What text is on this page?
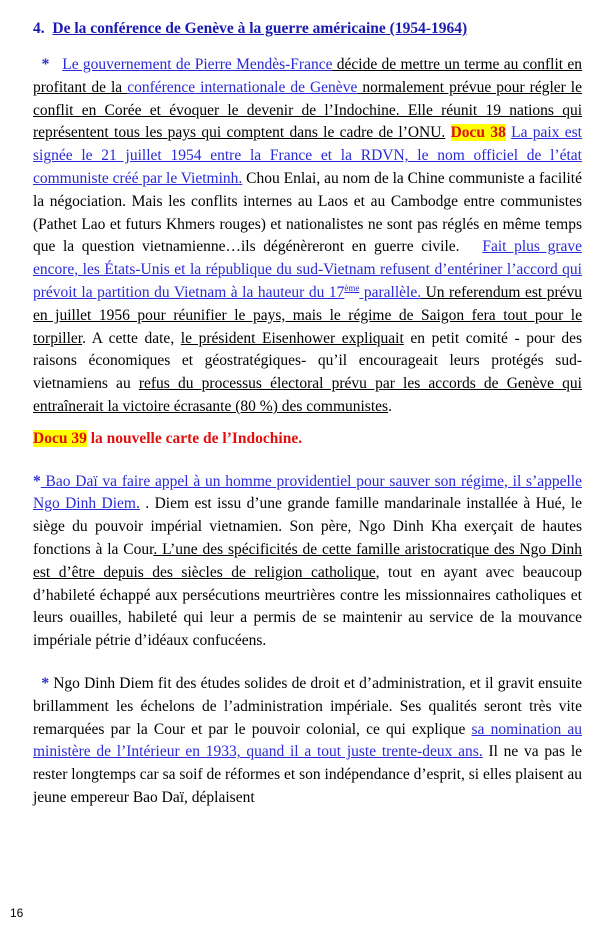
4. De la conférence de Genève à la guerre américaine (1954-1964)

* Le gouvernement de Pierre Mendès-France décide de mettre un terme au conflit en profitant de la conférence internationale de Genève normalement prévue pour régler le conflit en Corée et évoquer le devenir de l’Indochine. Elle réunit 19 nations qui représentent tous les pays qui comptent dans le cadre de l’ONU. Docu 38 La paix est signée le 21 juillet 1954 entre la France et la RDVN, le nom officiel de l’état communiste créé par le Vietminh. Chou Enlai, au nom de la Chine communiste a facilité la négociation. Mais les conflits internes au Laos et au Cambodge entre communistes (Pathet Lao et futurs Khmers rouges) et nationalistes ne sont pas réglés en même temps que la question vietnamienne…ils dégénèreront en guerre civile. Fait plus grave encore, les États-Unis et la république du sud-Vietnam refusent d’entériner l’accord qui prévoit la partition du Vietnam à la hauteur du 17ème parallèle. Un referendum est prévu en juillet 1956 pour réunifier le pays, mais le régime de Saigon fera tout pour le torpiller. A cette date, le président Eisenhower expliquait en petit comité - pour des raisons économiques et géostratégiques- qu’il encourageait leurs protégés sud-vietnamiens au refus du processus électoral prévu par les accords de Genève qui entraînerait la victoire écrasante (80 %) des communistes.

Docu 39 la nouvelle carte de l’Indochine.

* Bao Daï va faire appel à un homme providentiel pour sauver son régime, il s’appelle Ngo Dinh Diem. . Diem est issu d’une grande famille mandarinale installée à Hué, le siège du pouvoir impérial vietnamien. Son père, Ngo Dinh Kha exerçait de hautes fonctions à la Cour. L’une des spécificités de cette famille aristocratique des Ngo Dinh est d’être depuis des siècles de religion catholique, tout en ayant avec beaucoup d’habileté échappé aux persécutions meurtrières contre les missionnaires catholiques et leurs ouailles, habileté qui leur a permis de se maintenir au service de la mouvance impériale pétrie d’idéaux confucéens.

* Ngo Dinh Diem fit des études solides de droit et d’administration, et il gravit ensuite brillamment les échelons de l’administration impériale. Ses qualités seront très vite remarquées par la Cour et par le pouvoir colonial, ce qui explique sa nomination au ministère de l’Intérieur en 1933, quand il a tout juste trente-deux ans. Il ne va pas le rester longtemps car sa soif de réformes et son indépendance d’esprit, si elles plaisent au jeune empereur Bao Daï, déplaisent

16
